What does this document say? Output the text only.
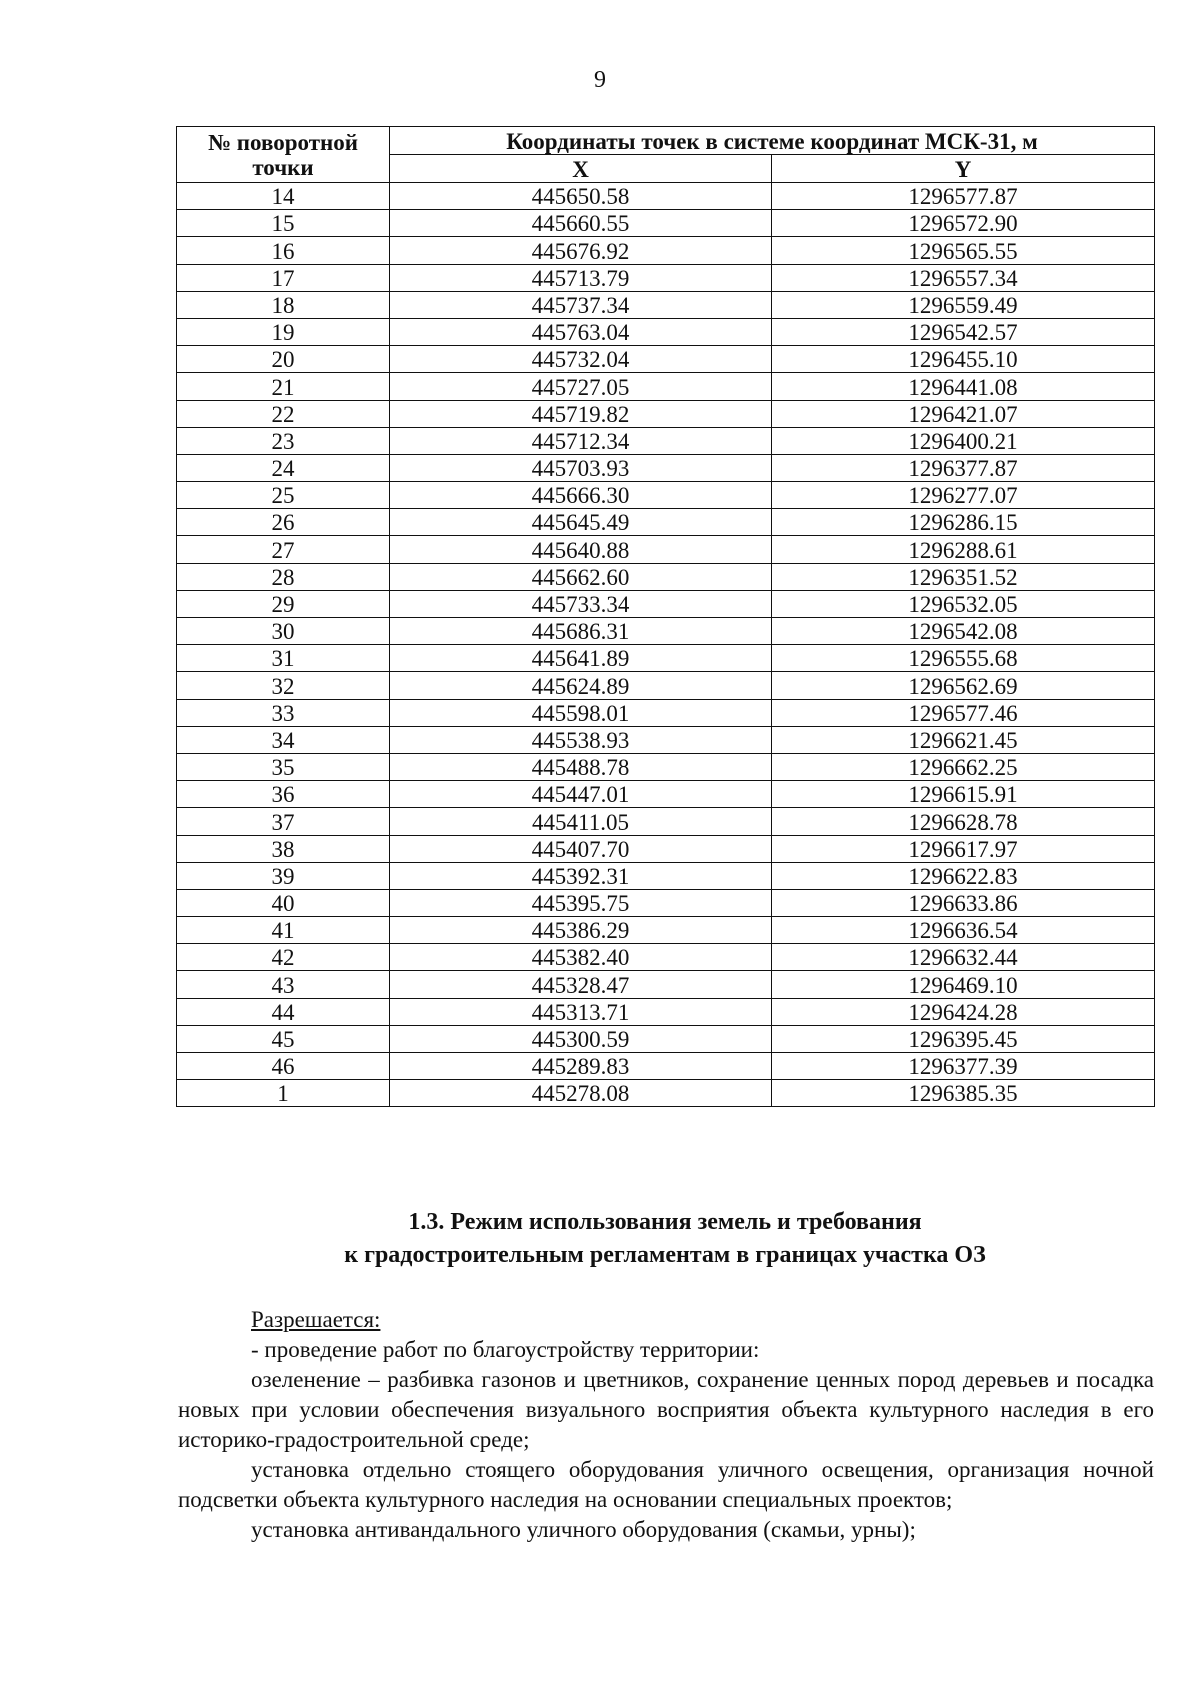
9
№ поворотной
точки	Координаты точек в системе координат МСК-31, м	
	X	Y
14	445650.58	1296577.87
15	445660.55	1296572.90
16	445676.92	1296565.55
17	445713.79	1296557.34
18	445737.34	1296559.49
19	445763.04	1296542.57
20	445732.04	1296455.10
21	445727.05	1296441.08
22	445719.82	1296421.07
23	445712.34	1296400.21
24	445703.93	1296377.87
25	445666.30	1296277.07
26	445645.49	1296286.15
27	445640.88	1296288.61
28	445662.60	1296351.52
29	445733.34	1296532.05
30	445686.31	1296542.08
31	445641.89	1296555.68
32	445624.89	1296562.69
33	445598.01	1296577.46
34	445538.93	1296621.45
35	445488.78	1296662.25
36	445447.01	1296615.91
37	445411.05	1296628.78
38	445407.70	1296617.97
39	445392.31	1296622.83
40	445395.75	1296633.86
41	445386.29	1296636.54
42	445382.40	1296632.44
43	445328.47	1296469.10
44	445313.71	1296424.28
45	445300.59	1296395.45
46	445289.83	1296377.39
1	445278.08	1296385.35
1.3. Режим использования земель и требования
к градостроительным регламентам в границах участка ОЗ

Разрешается:

- проведение работ по благоустройству территории:

озеленение – разбивка газонов и цветников, сохранение ценных пород деревьев и посадка новых при условии обеспечения визуального восприятия объекта культурного наследия в его историко-градостроительной среде;

установка отдельно стоящего оборудования уличного освещения, организация ночной подсветки объекта культурного наследия на основании специальных проектов;

установка антивандального уличного оборудования (скамьи, урны);
